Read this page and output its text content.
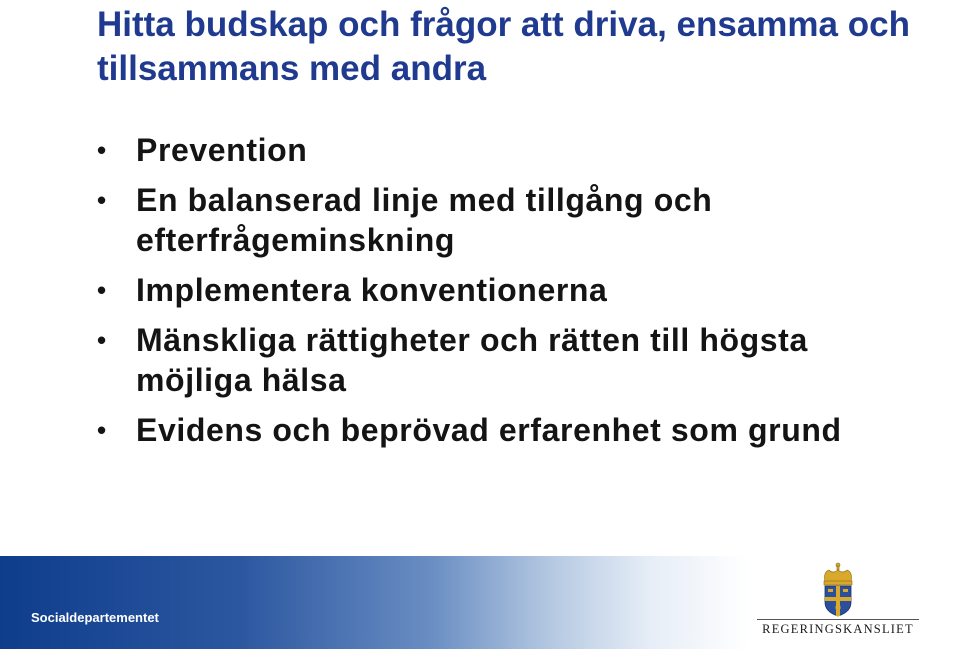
Hitta budskap och frågor att driva, ensamma och tillsammans med andra
• Prevention
• En balanserad linje med tillgång och efterfrågeminskning
• Implementera konventionerna
• Mänskliga rättigheter och rätten till högsta möjliga hälsa
• Evidens och beprövad erfarenhet som grund
Socialdepartementet
REGERINGSKANSLIET
